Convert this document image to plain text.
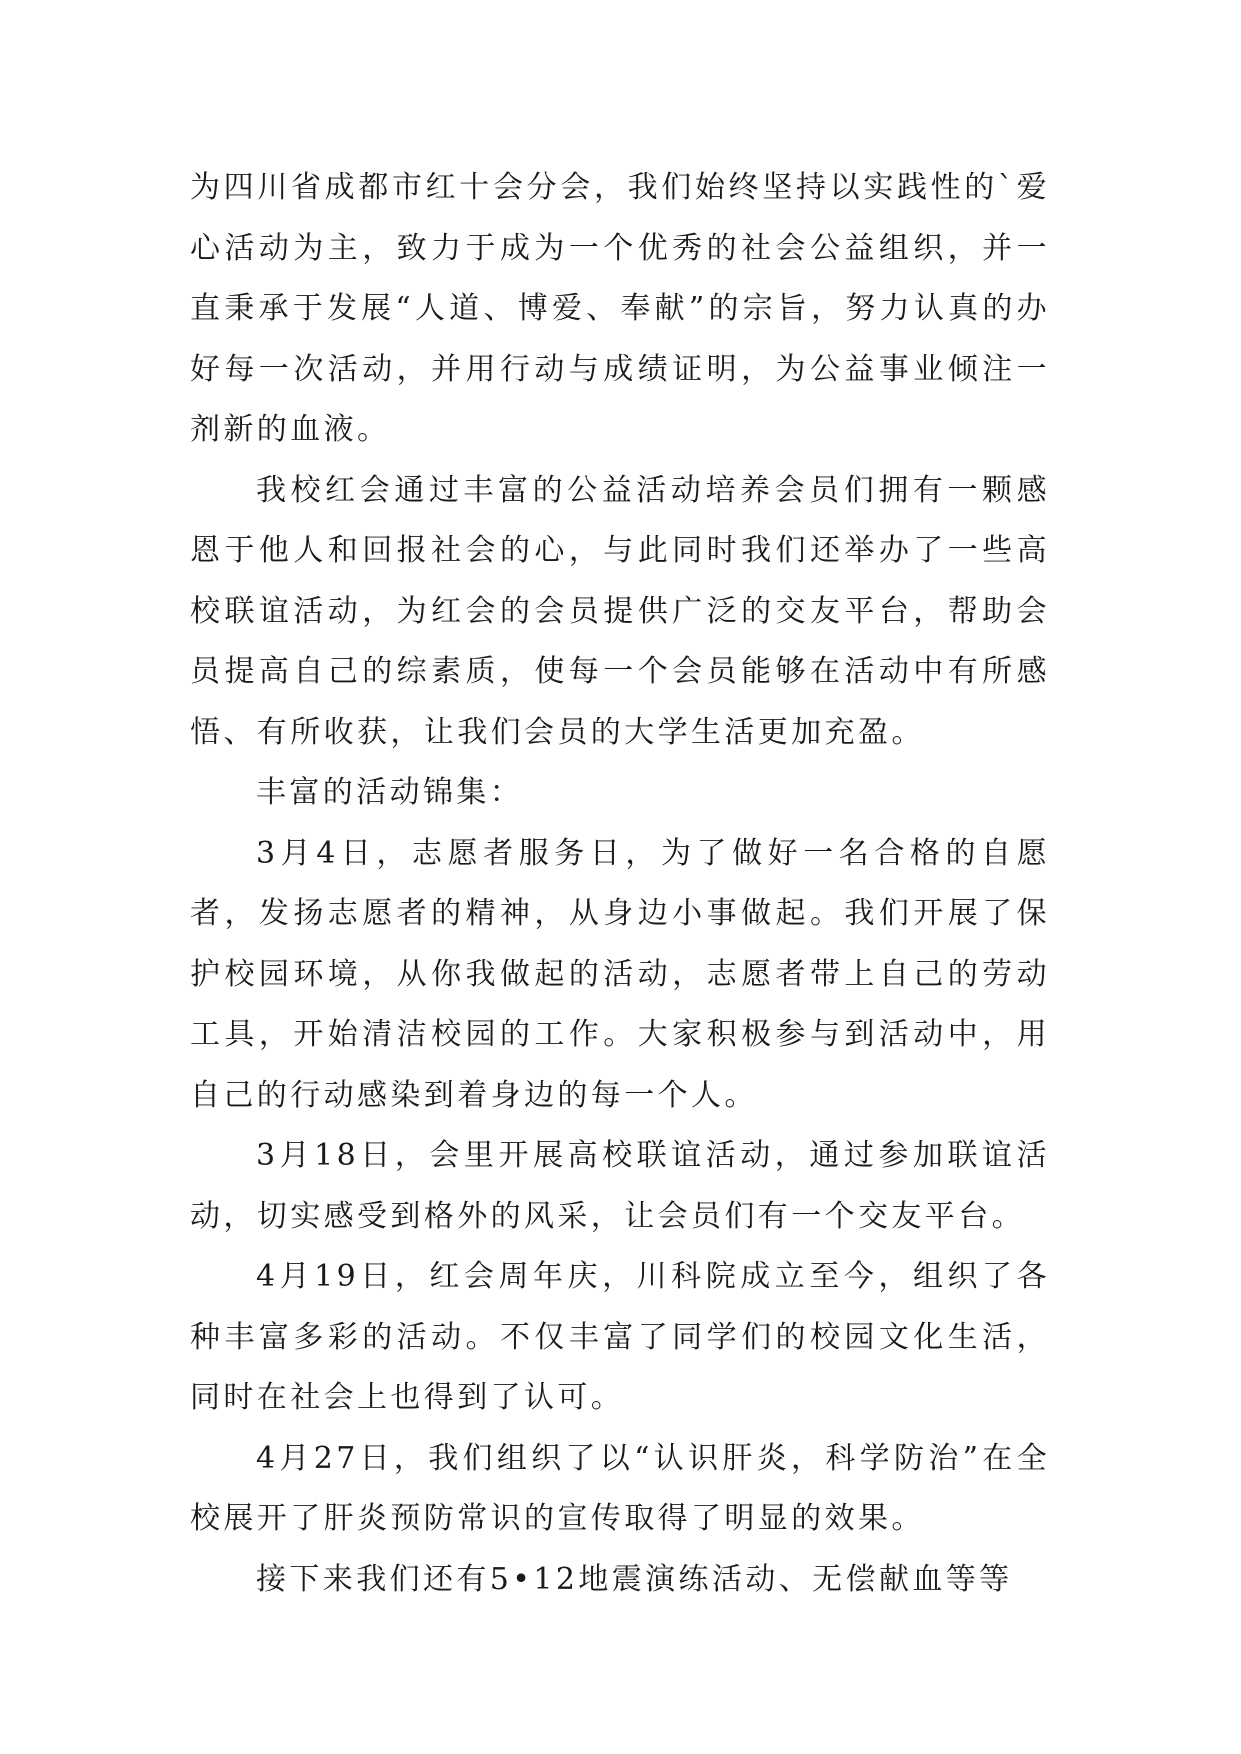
为四川省成都市红十会分会，我们始终坚持以实践性的`爱心活动为主，致力于成为一个优秀的社会公益组织，并一直秉承于发展“人道、博爱、奉献”的宗旨，努力认真的办好每一次活动，并用行动与成绩证明，为公益事业倾注一剂新的血液。

我校红会通过丰富的公益活动培养会员们拥有一颗感恩于他人和回报社会的心，与此同时我们还举办了一些高校联谊活动，为红会的会员提供广泛的交友平台，帮助会员提高自己的综素质，使每一个会员能够在活动中有所感悟、有所收获，让我们会员的大学生活更加充盈。

丰富的活动锦集：

3月4日，志愿者服务日，为了做好一名合格的自愿者，发扬志愿者的精神，从身边小事做起。我们开展了保护校园环境，从你我做起的活动，志愿者带上自己的劳动工具，开始清洁校园的工作。大家积极参与到活动中，用自己的行动感染到着身边的每一个人。

3月18日，会里开展高校联谊活动，通过参加联谊活动，切实感受到格外的风采，让会员们有一个交友平台。

4月19日，红会周年庆，川科院成立至今，组织了各种丰富多彩的活动。不仅丰富了同学们的校园文化生活，同时在社会上也得到了认可。

4月27日，我们组织了以“认识肝炎，科学防治”在全校展开了肝炎预防常识的宣传取得了明显的效果。

接下来我们还有5•12地震演练活动、无偿献血等等
